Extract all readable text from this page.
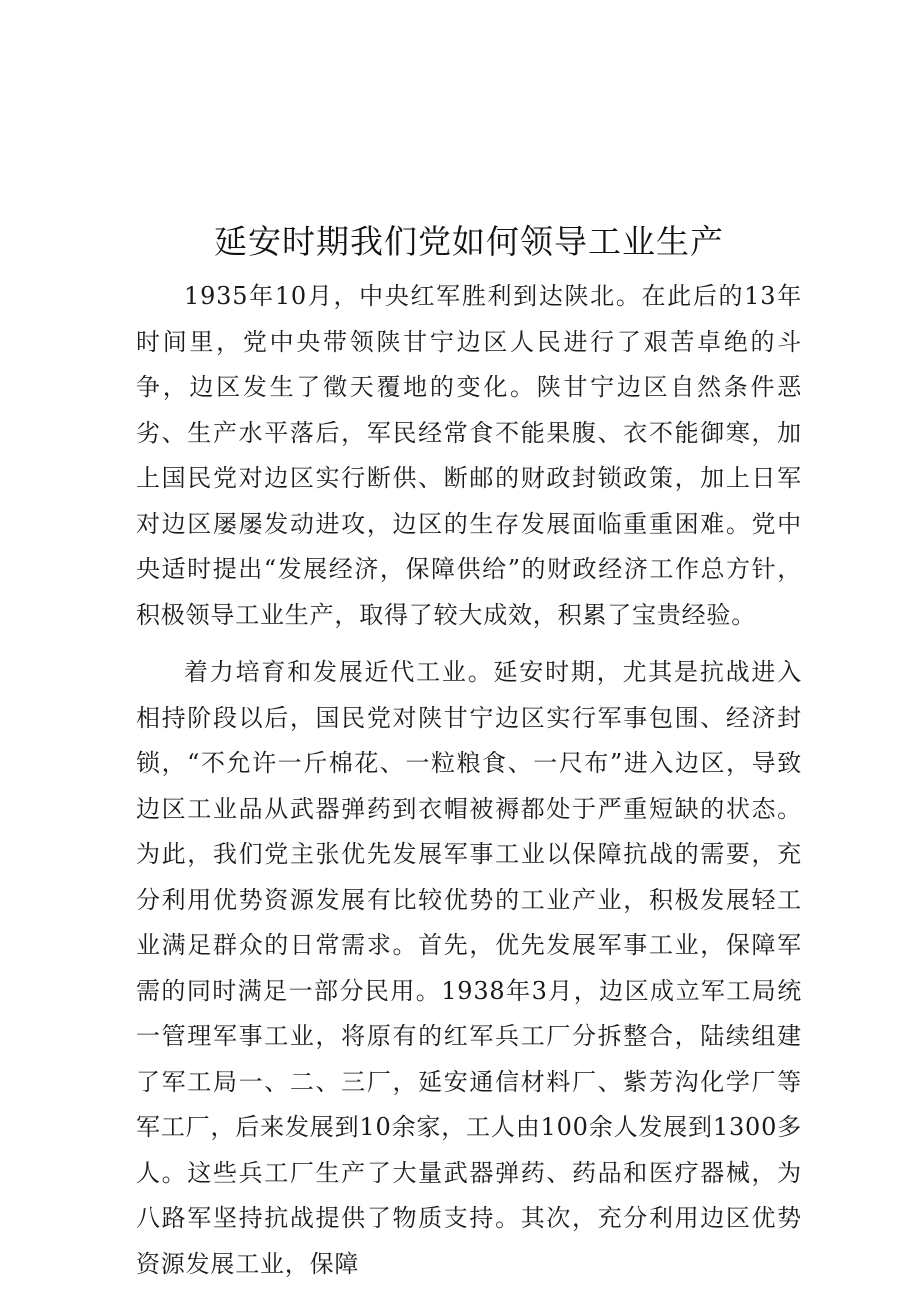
延安时期我们党如何领导工业生产

1935年10月，中央红军胜利到达陕北。在此后的13年时间里，党中央带领陕甘宁边区人民进行了艰苦卓绝的斗争，边区发生了徵天覆地的变化。陕甘宁边区自然条件恶劣、生产水平落后，军民经常食不能果腹、衣不能御寒，加上国民党对边区实行断供、断邮的财政封锁政策，加上日军对边区屡屡发动进攻，边区的生存发展面临重重困难。党中央适时提出“发展经济，保障供给”的财政经济工作总方针，积极领导工业生产，取得了较大成效，积累了宝贵经验。

着力培育和发展近代工业。延安时期，尤其是抗战进入相持阶段以后，国民党对陕甘宁边区实行军事包围、经济封锁，“不允许一斤棉花、一粒粮食、一尺布”进入边区，导致边区工业品从武器弹药到衣帽被褥都处于严重短缺的状态。为此，我们党主张优先发展军事工业以保障抗战的需要，充分利用优势资源发展有比较优势的工业产业，积极发展轻工业满足群众的日常需求。首先，优先发展军事工业，保障军需的同时满足一部分民用。1938年3月，边区成立军工局统一管理军事工业，将原有的红军兵工厂分拆整合，陆续组建了军工局一、二、三厂，延安通信材料厂、紫芳沟化学厂等军工厂，后来发展到10余家，工人由100余人发展到1300多人。这些兵工厂生产了大量武器弹药、药品和医疗器械，为八路军坚持抗战提供了物质支持。其次，充分利用边区优势资源发展工业，保障
